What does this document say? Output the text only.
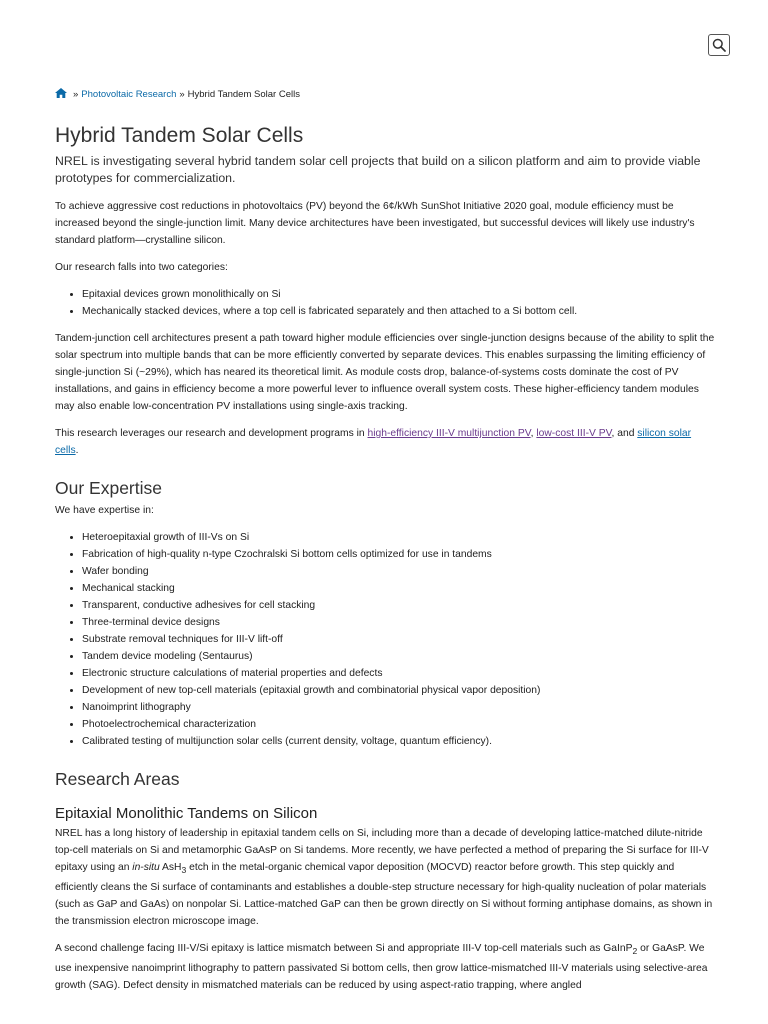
» Photovoltaic Research » Hybrid Tandem Solar Cells
Hybrid Tandem Solar Cells

NREL is investigating several hybrid tandem solar cell projects that build on a silicon platform and aim to provide viable prototypes for commercialization.

To achieve aggressive cost reductions in photovoltaics (PV) beyond the 6¢/kWh SunShot Initiative 2020 goal, module efficiency must be increased beyond the single-junction limit. Many device architectures have been investigated, but successful devices will likely use industry's standard platform—crystalline silicon.

Our research falls into two categories:

• Epitaxial devices grown monolithically on Si
• Mechanically stacked devices, where a top cell is fabricated separately and then attached to a Si bottom cell.

Tandem-junction cell architectures present a path toward higher module efficiencies over single-junction designs because of the ability to split the solar spectrum into multiple bands that can be more efficiently converted by separate devices. This enables surpassing the limiting efficiency of single-junction Si (~29%), which has neared its theoretical limit. As module costs drop, balance-of-systems costs dominate the cost of PV installations, and gains in efficiency become a more powerful lever to influence overall system costs. These higher-efficiency tandem modules may also enable low-concentration PV installations using single-axis tracking.

This research leverages our research and development programs in high-efficiency III-V multijunction PV, low-cost III-V PV, and silicon solar cells.

Our Expertise

We have expertise in:

• Heteroepitaxial growth of III-Vs on Si
• Fabrication of high-quality n-type Czochralski Si bottom cells optimized for use in tandems
• Wafer bonding
• Mechanical stacking
• Transparent, conductive adhesives for cell stacking
• Three-terminal device designs
• Substrate removal techniques for III-V lift-off
• Tandem device modeling (Sentaurus)
• Electronic structure calculations of material properties and defects
• Development of new top-cell materials (epitaxial growth and combinatorial physical vapor deposition)
• Nanoimprint lithography
• Photoelectrochemical characterization
• Calibrated testing of multijunction solar cells (current density, voltage, quantum efficiency).
Research Areas
Epitaxial Monolithic Tandems on Silicon

NREL has a long history of leadership in epitaxial tandem cells on Si, including more than a decade of developing lattice-matched dilute-nitride top-cell materials on Si and metamorphic GaAsP on Si tandems. More recently, we have perfected a method of preparing the Si surface for III-V epitaxy using an in-situ AsH$_3$ etch in the metal-organic chemical vapor deposition (MOCVD) reactor before growth. This step quickly and efficiently cleans the Si surface of contaminants and establishes a double-step structure necessary for high-quality nucleation of polar materials (such as GaP and GaAs) on nonpolar Si. Lattice-matched GaP can then be grown directly on Si without forming antiphase domains, as shown in the transmission electron microscope image.

A second challenge facing III-V/Si epitaxy is lattice mismatch between Si and appropriate III-V top-cell materials such as GaInP$_2$ or GaAsP. We use inexpensive nanoimprint lithography to pattern passivated Si bottom cells, then grow lattice-mismatched III-V materials using selective-area growth (SAG). Defect density in mismatched materials can be reduced by using aspect-ratio trapping, where angled
